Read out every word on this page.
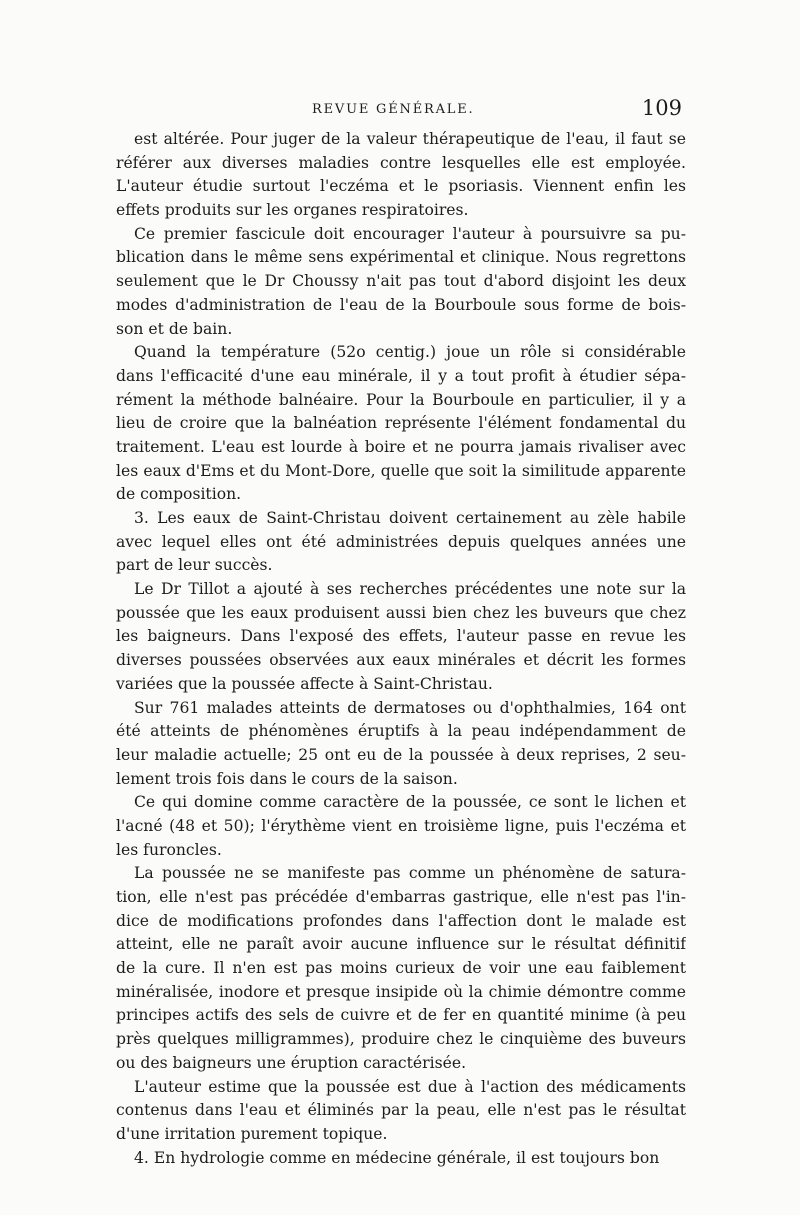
REVUE GÉNÉRALE.	109
est altérée. Pour juger de la valeur thérapeutique de l'eau, il faut se
référer aux diverses maladies contre lesquelles elle est employée.
L'auteur étudie surtout l'eczéma et le psoriasis. Viennent enfin les
effets produits sur les organes respiratoires.
Ce premier fascicule doit encourager l'auteur à poursuivre sa pu-
blication dans le même sens expérimental et clinique. Nous regrettons
seulement que le Dr Choussy n'ait pas tout d'abord disjoint les deux
modes d'administration de l'eau de la Bourboule sous forme de bois-
son et de bain.
Quand la température (52o centig.) joue un rôle si considérable
dans l'efficacité d'une eau minérale, il y a tout profit à étudier sépa-
rément la méthode balnéaire. Pour la Bourboule en particulier, il y a
lieu de croire que la balnéation représente l'élément fondamental du
traitement. L'eau est lourde à boire et ne pourra jamais rivaliser avec
les eaux d'Ems et du Mont-Dore, quelle que soit la similitude apparente
de composition.
3. Les eaux de Saint-Christau doivent certainement au zèle habile
avec lequel elles ont été administrées depuis quelques années une
part de leur succès.
Le Dr Tillot a ajouté à ses recherches précédentes une note sur la
poussée que les eaux produisent aussi bien chez les buveurs que chez
les baigneurs. Dans l'exposé des effets, l'auteur passe en revue les
diverses poussées observées aux eaux minérales et décrit les formes
variées que la poussée affecte à Saint-Christau.
Sur 761 malades atteints de dermatoses ou d'ophthalmies, 164 ont
été atteints de phénomènes éruptifs à la peau indépendamment de
leur maladie actuelle; 25 ont eu de la poussée à deux reprises, 2 seu-
lement trois fois dans le cours de la saison.
Ce qui domine comme caractère de la poussée, ce sont le lichen et
l'acné (48 et 50); l'érythème vient en troisième ligne, puis l'eczéma et
les furoncles.
La poussée ne se manifeste pas comme un phénomène de satura-
tion, elle n'est pas précédée d'embarras gastrique, elle n'est pas l'in-
dice de modifications profondes dans l'affection dont le malade est
atteint, elle ne paraît avoir aucune influence sur le résultat définitif
de la cure. Il n'en est pas moins curieux de voir une eau faiblement
minéralisée, inodore et presque insipide où la chimie démontre comme
principes actifs des sels de cuivre et de fer en quantité minime (à peu
près quelques milligrammes), produire chez le cinquième des buveurs
ou des baigneurs une éruption caractérisée.
L'auteur estime que la poussée est due à l'action des médicaments
contenus dans l'eau et éliminés par la peau, elle n'est pas le résultat
d'une irritation purement topique.
4. En hydrologie comme en médecine générale, il est toujours bon
